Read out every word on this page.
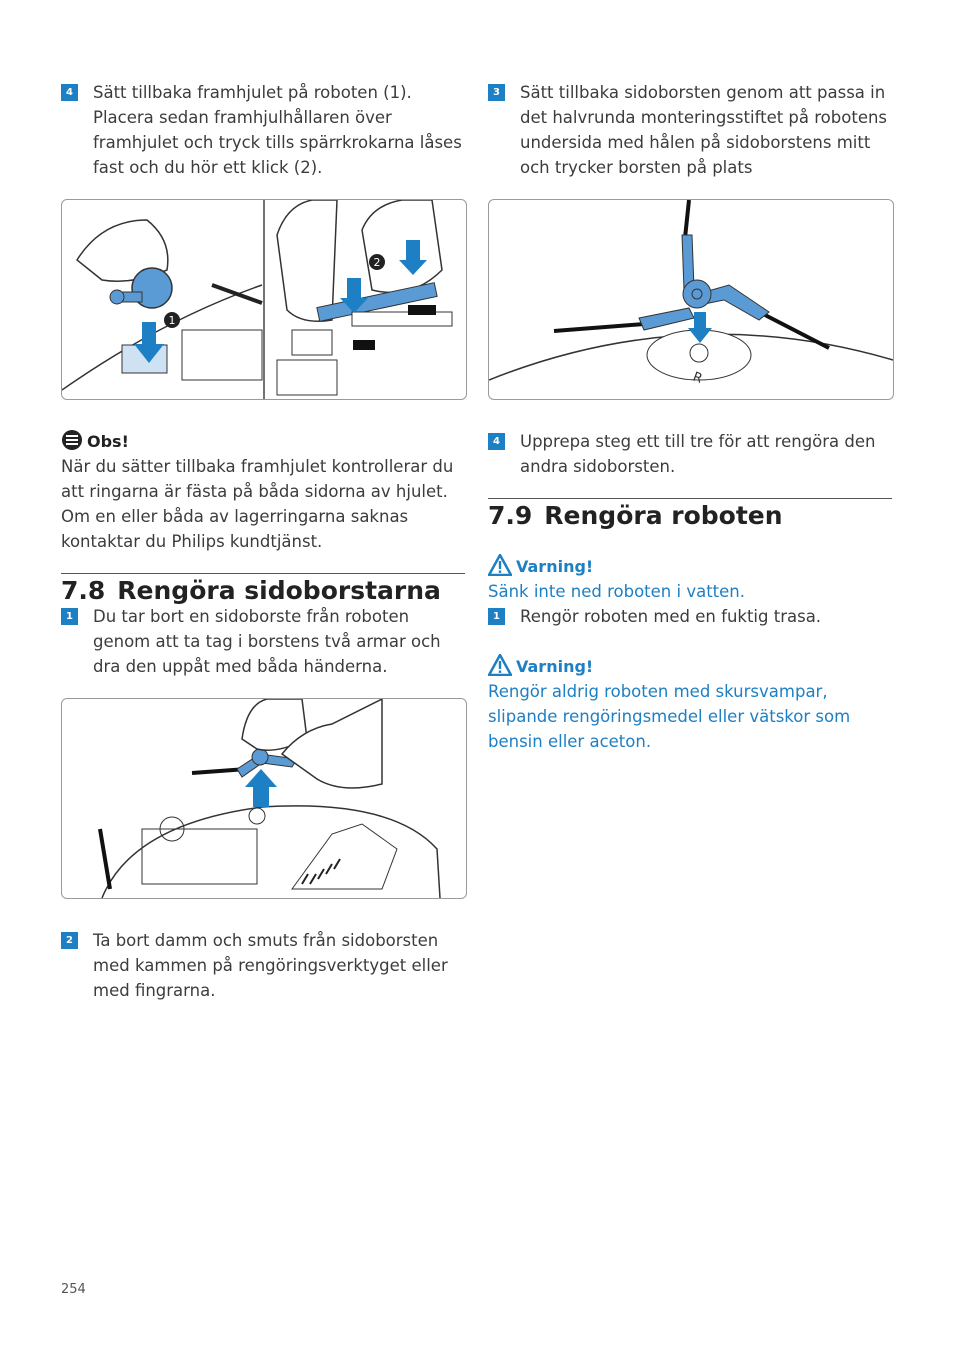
4	Sätt tillbaka framhjulet på roboten (1). Placera sedan framhjulhållaren över framhjulet och tryck tills spärrkrokarna låses fast och du hör ett klick (2).
1
2
Obs!
När du sätter tillbaka framhjulet kontrollerar du att ringarna är fästa på båda sidorna av hjulet. Om en eller båda av lagerringarna saknas kontaktar du Philips kundtjänst.
7.8 Rengöra sidoborstarna
1	Du tar bort en sidoborste från roboten genom att ta tag i borstens två armar och dra den uppåt med båda händerna.
2	Ta bort damm och smuts från sidoborsten med kammen på rengöringsverktyget eller med fingrarna.
3	Sätt tillbaka sidoborsten genom att passa in det halvrunda monteringsstiftet på robotens undersida med hålen på sidoborstens mitt och trycker borsten på plats
R
4	Upprepa steg ett till tre för att rengöra den andra sidoborsten.
7.9 Rengöra roboten
Varning!
Sänk inte ned roboten i vatten.
1	Rengör roboten med en fuktig trasa.
Varning!
Rengör aldrig roboten med skursvampar, slipande rengöringsmedel eller vätskor som bensin eller aceton.
254
